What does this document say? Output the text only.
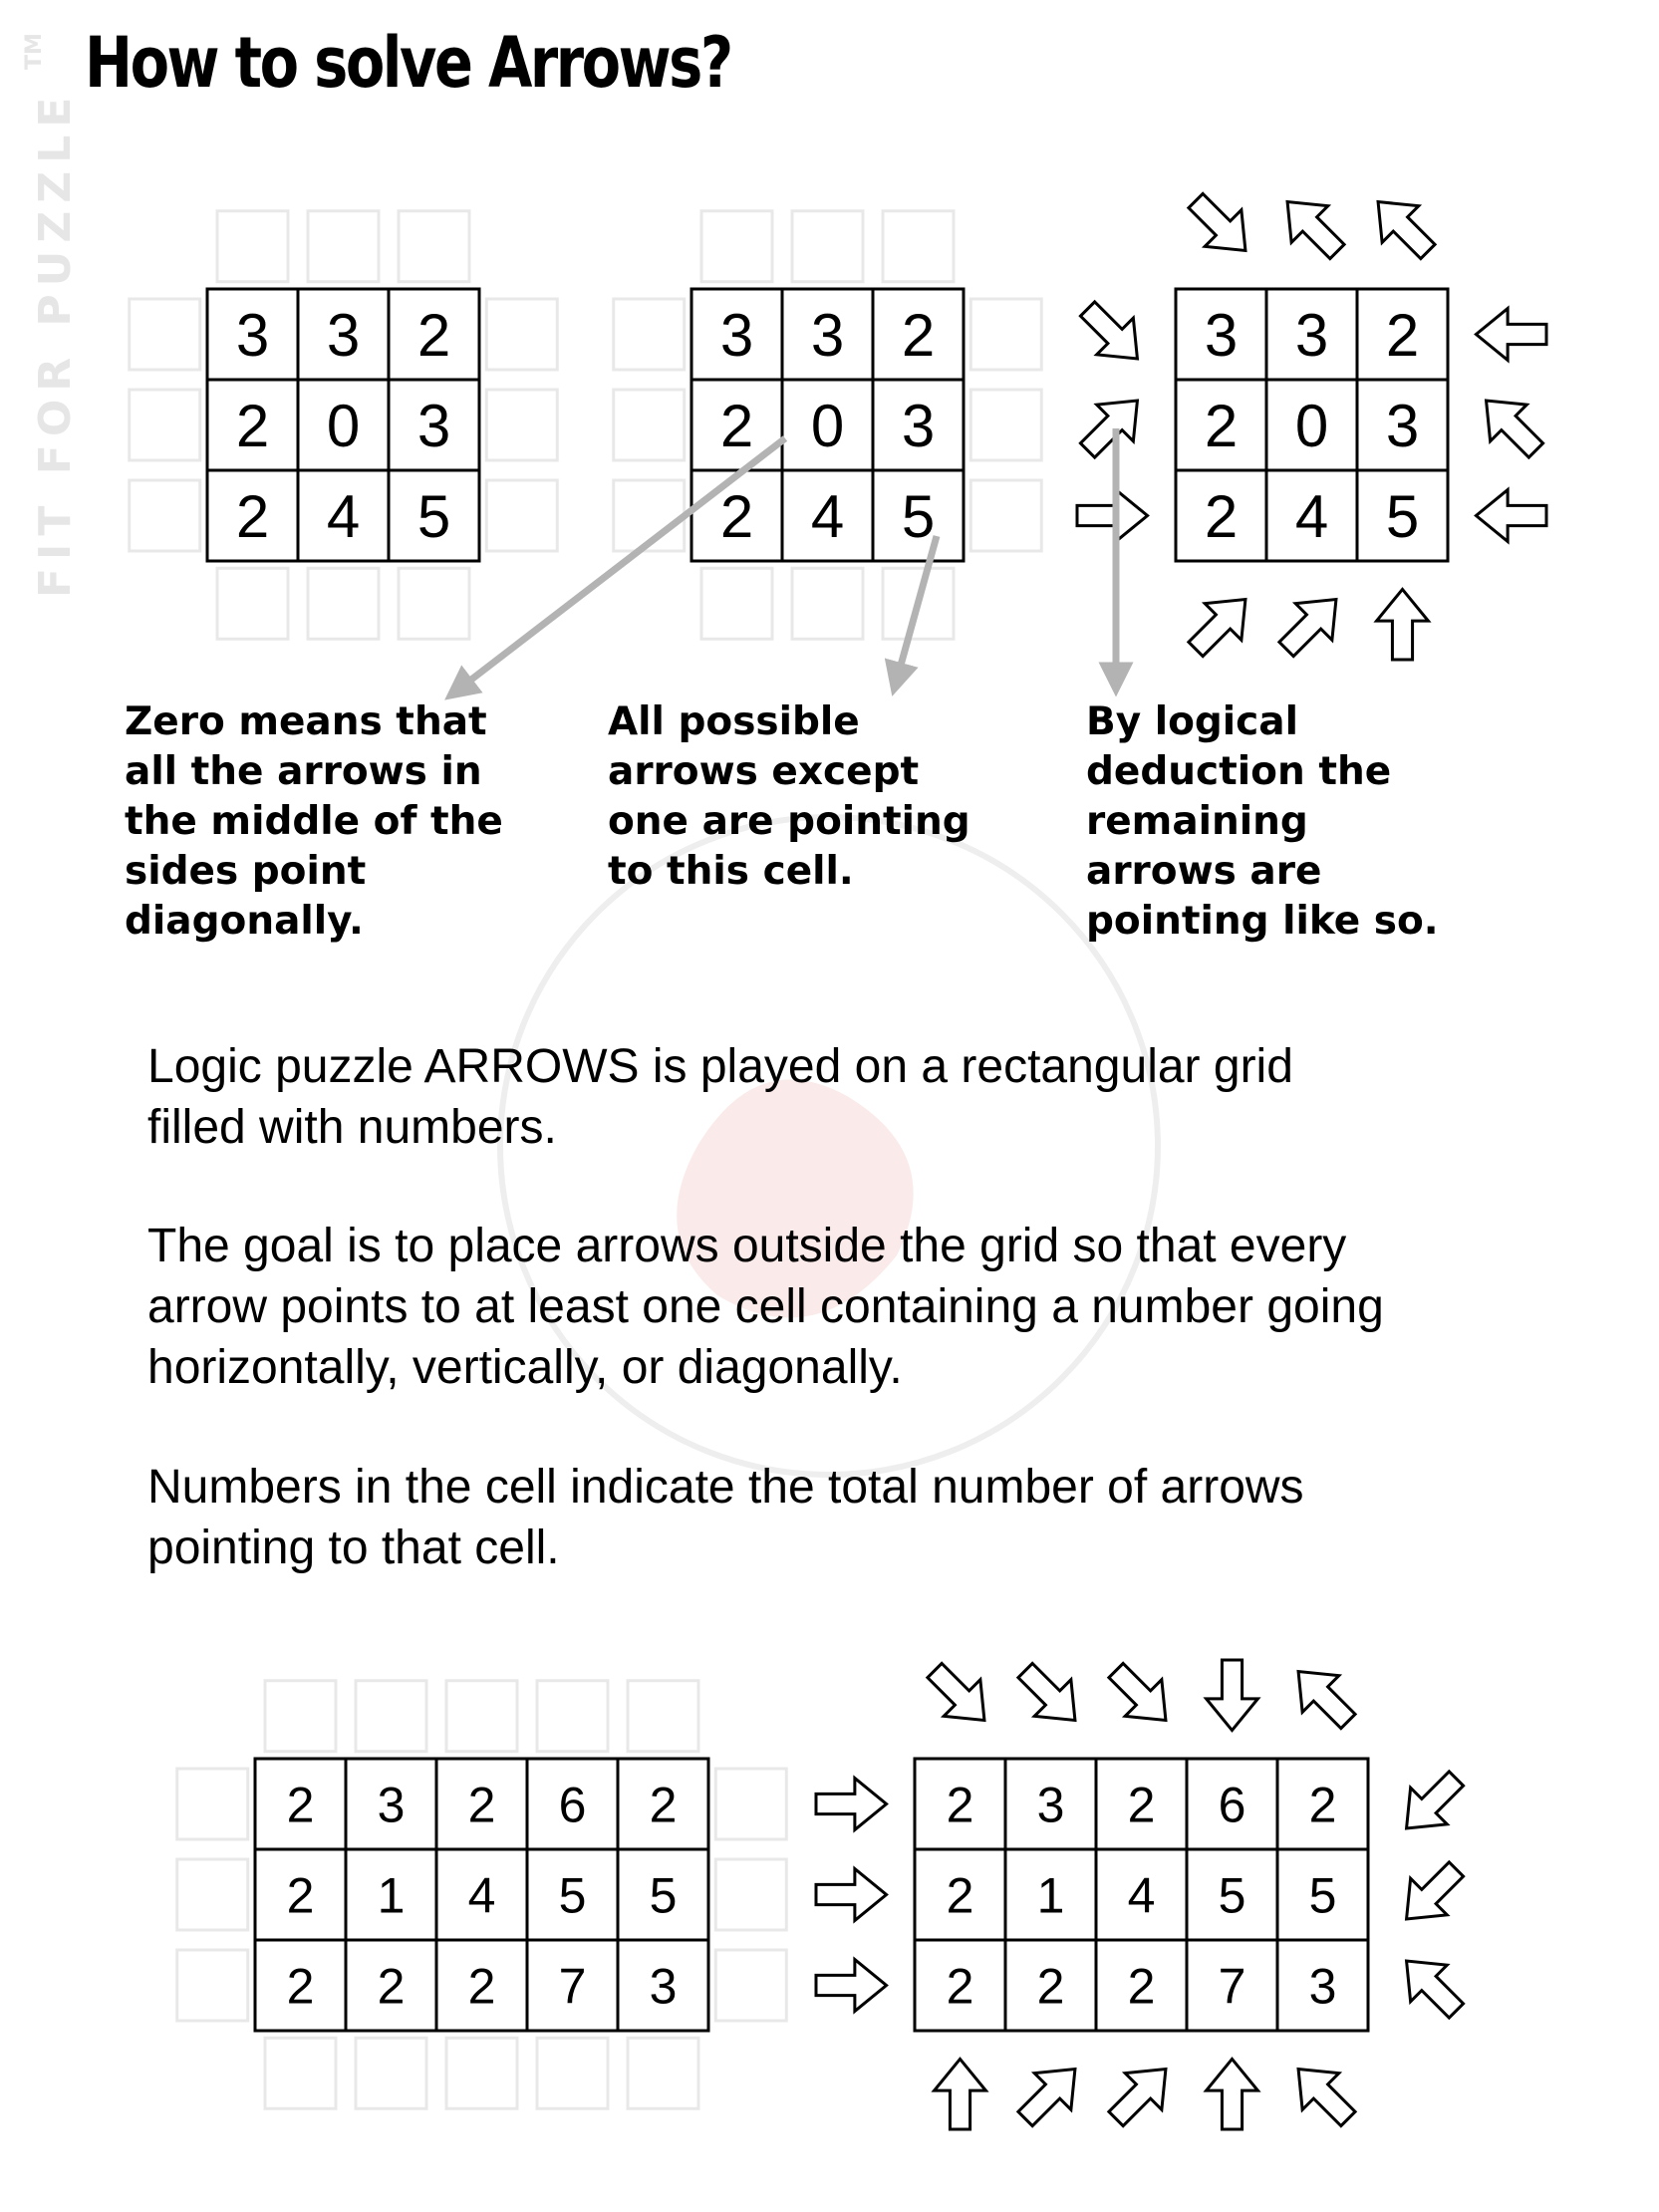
How to solve Arrows?
TM
FIT FOR PUZZLE	3 3 2
2 0 3
2 4 5
3 3 2
2 0 3
2 4 5
3 3 2
2 0 3
2 4 5
2 3 2 6 2
2 1 4 5 5
2 2 2 7 3
2 3 2 6 2
2 1 4 5 5
2 2 2 7 3
Zero means that
all the arrows in
the middle of the
sides point
diagonally.
All possible
arrows except
one are pointing
to this cell.
By logical
deduction the
remaining
arrows are
pointing like so.
Logic puzzle ARROWS is played on a rectangular grid
filled with numbers.
The goal is to place arrows outside the grid so that every
arrow points to at least one cell containing a number going
horizontally, vertically, or diagonally.
Numbers in the cell indicate the total number of arrows
pointing to that cell.
